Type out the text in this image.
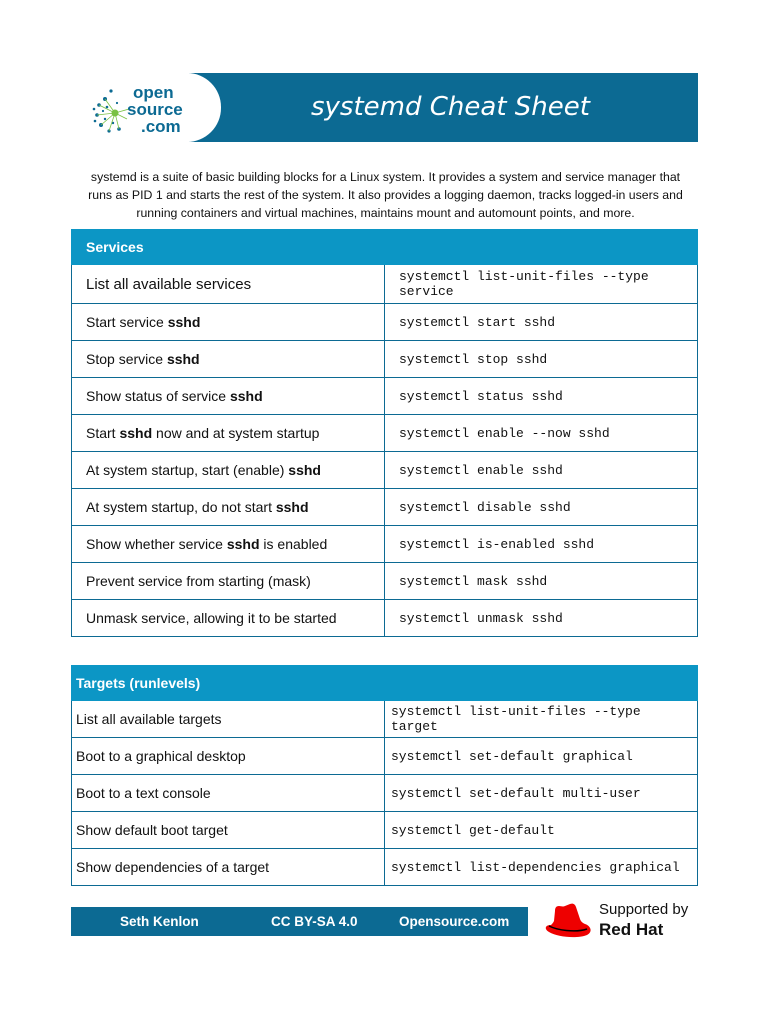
open
source
.com
systemd Cheat Sheet
systemd is a suite of basic building blocks for a Linux system. It provides a system and service manager that runs as PID 1 and starts the rest of the system. It also provides a logging daemon, tracks logged-in users and running containers and virtual machines, maintains mount and automount points, and more.
Services	
List all available services	systemctl list-unit-files --type service
Start service sshd	systemctl start sshd
Stop service sshd	systemctl stop sshd
Show status of service sshd	systemctl status sshd
Start sshd now and at system startup	systemctl enable --now sshd
At system startup, start (enable) sshd	systemctl enable sshd
At system startup, do not start sshd	systemctl disable sshd
Show whether service sshd is enabled	systemctl is-enabled sshd
Prevent service from starting (mask)	systemctl mask sshd
Unmask service, allowing it to be started	systemctl unmask sshd
Targets (runlevels)	
List all available targets	systemctl list-unit-files --type target
Boot to a graphical desktop	systemctl set-default graphical
Boot to a text console	systemctl set-default multi-user
Show default boot target	systemctl get-default
Show dependencies of a target	systemctl list-dependencies graphical
Seth Kenlon	CC BY-SA 4.0	Opensource.com
Supported by
Red Hat
